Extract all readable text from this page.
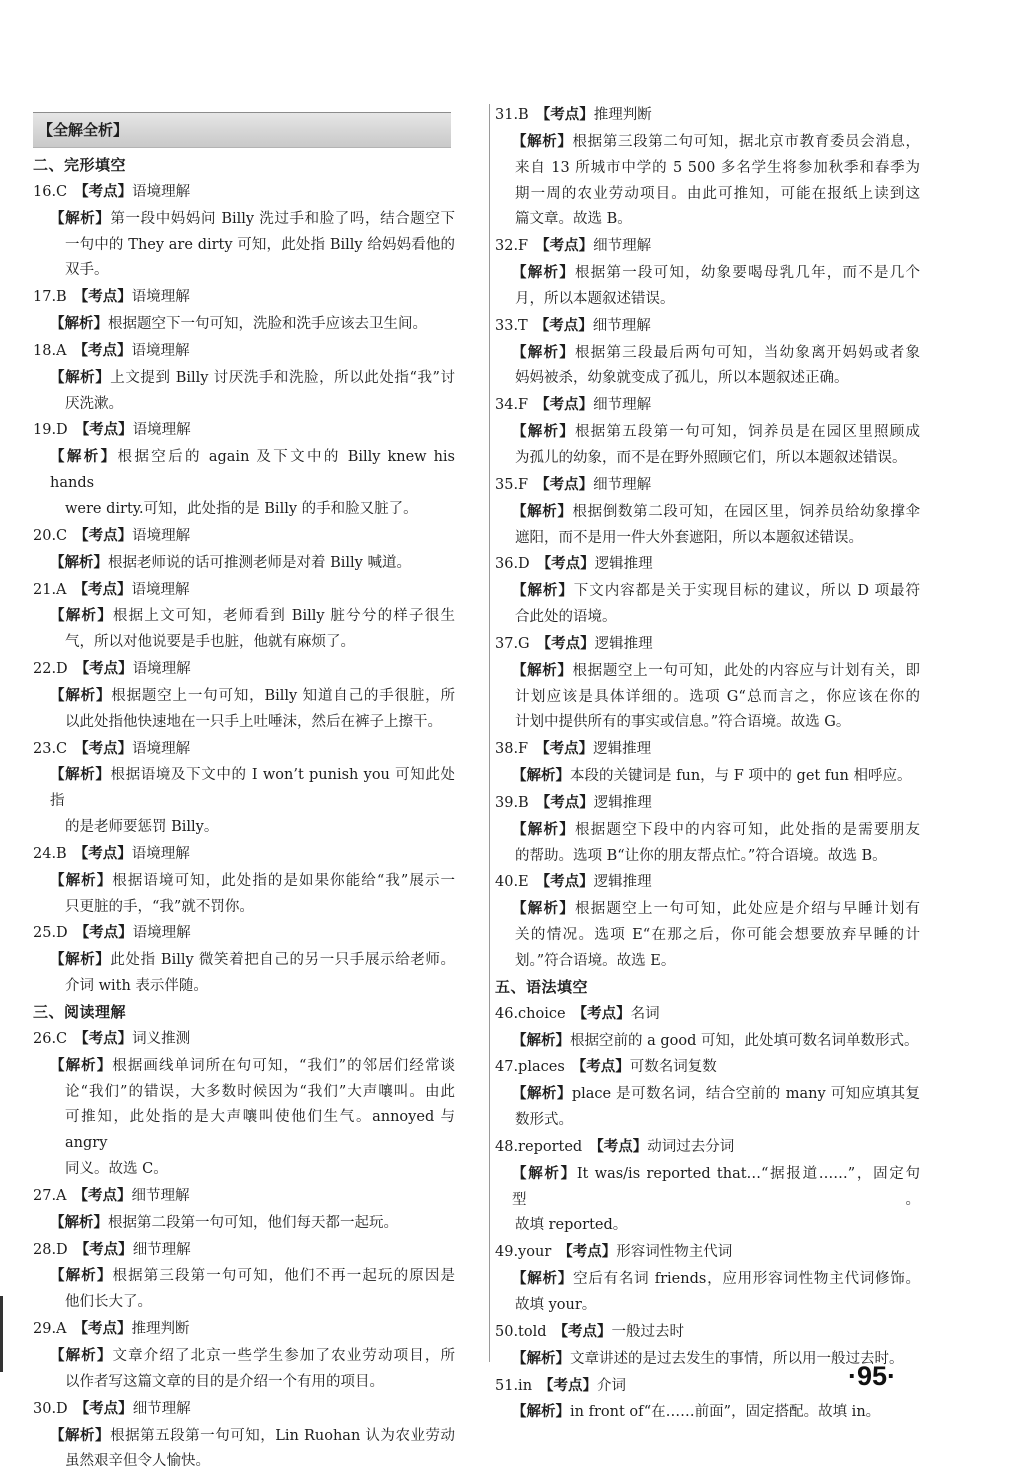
【全解全析】
二、完形填空
16.C 【考点】语境理解
【解析】第一段中妈妈问 Billy 洗过手和脸了吗，结合题空下
一句中的 They are dirty 可知，此处指 Billy 给妈妈看他的
双手。
17.B 【考点】语境理解
【解析】根据题空下一句可知，洗脸和洗手应该去卫生间。
18.A 【考点】语境理解
【解析】上文提到 Billy 讨厌洗手和洗脸，所以此处指“我”讨
厌洗漱。
19.D 【考点】语境理解
【解析】根据空后的 again 及下文中的 Billy knew his hands
were dirty.可知，此处指的是 Billy 的手和脸又脏了。
20.C 【考点】语境理解
【解析】根据老师说的话可推测老师是对着 Billy 喊道。
21.A 【考点】语境理解
【解析】根据上文可知，老师看到 Billy 脏兮兮的样子很生
气，所以对他说要是手也脏，他就有麻烦了。
22.D 【考点】语境理解
【解析】根据题空上一句可知，Billy 知道自己的手很脏，所
以此处指他快速地在一只手上吐唾沫，然后在裤子上擦干。
23.C 【考点】语境理解
【解析】根据语境及下文中的 I won’t punish you 可知此处指
的是老师要惩罚 Billy。
24.B 【考点】语境理解
【解析】根据语境可知，此处指的是如果你能给“我”展示一
只更脏的手，“我”就不罚你。
25.D 【考点】语境理解
【解析】此处指 Billy 微笑着把自己的另一只手展示给老师。
介词 with 表示伴随。
三、阅读理解
26.C 【考点】词义推测
【解析】根据画线单词所在句可知，“我们”的邻居们经常谈
论“我们”的错误，大多数时候因为“我们”大声嚷叫。由此
可推知，此处指的是大声嚷叫使他们生气。annoyed 与 angry
同义。故选 C。
27.A 【考点】细节理解
【解析】根据第二段第一句可知，他们每天都一起玩。
28.D 【考点】细节理解
【解析】根据第三段第一句可知，他们不再一起玩的原因是
他们长大了。
29.A 【考点】推理判断
【解析】文章介绍了北京一些学生参加了农业劳动项目，所
以作者写这篇文章的目的是介绍一个有用的项目。
30.D 【考点】细节理解
【解析】根据第五段第一句可知，Lin Ruohan 认为农业劳动
虽然艰辛但令人愉快。
31.B 【考点】推理判断
【解析】根据第三段第二句可知，据北京市教育委员会消息，
来自 13 所城市中学的 5 500 多名学生将参加秋季和春季为
期一周的农业劳动项目。由此可推知，可能在报纸上读到这
篇文章。故选 B。
32.F 【考点】细节理解
【解析】根据第一段可知，幼象要喝母乳几年，而不是几个
月，所以本题叙述错误。
33.T 【考点】细节理解
【解析】根据第三段最后两句可知，当幼象离开妈妈或者象
妈妈被杀，幼象就变成了孤儿，所以本题叙述正确。
34.F 【考点】细节理解
【解析】根据第五段第一句可知，饲养员是在园区里照顾成
为孤儿的幼象，而不是在野外照顾它们，所以本题叙述错误。
35.F 【考点】细节理解
【解析】根据倒数第二段可知，在园区里，饲养员给幼象撑伞
遮阳，而不是用一件大外套遮阳，所以本题叙述错误。
36.D 【考点】逻辑推理
【解析】下文内容都是关于实现目标的建议，所以 D 项最符
合此处的语境。
37.G 【考点】逻辑推理
【解析】根据题空上一句可知，此处的内容应与计划有关，即
计划应该是具体详细的。选项 G“总而言之，你应该在你的
计划中提供所有的事实或信息。”符合语境。故选 G。
38.F 【考点】逻辑推理
【解析】本段的关键词是 fun，与 F 项中的 get fun 相呼应。
39.B 【考点】逻辑推理
【解析】根据题空下段中的内容可知，此处指的是需要朋友
的帮助。选项 B“让你的朋友帮点忙。”符合语境。故选 B。
40.E 【考点】逻辑推理
【解析】根据题空上一句可知，此处应是介绍与早睡计划有
关的情况。选项 E“在那之后，你可能会想要放弃早睡的计
划。”符合语境。故选 E。
五、语法填空
46.choice 【考点】名词
【解析】根据空前的 a good 可知，此处填可数名词单数形式。
47.places 【考点】可数名词复数
【解析】place 是可数名词，结合空前的 many 可知应填其复
数形式。
48.reported 【考点】动词过去分词
【解析】It was/is reported that…“据报道……”，固定句型。
故填 reported。
49.your 【考点】形容词性物主代词
【解析】空后有名词 friends，应用形容词性物主代词修饰。
故填 your。
50.told 【考点】一般过去时
【解析】文章讲述的是过去发生的事情，所以用一般过去时。
51.in 【考点】介词
【解析】in front of“在……前面”，固定搭配。故填 in。
·95·
